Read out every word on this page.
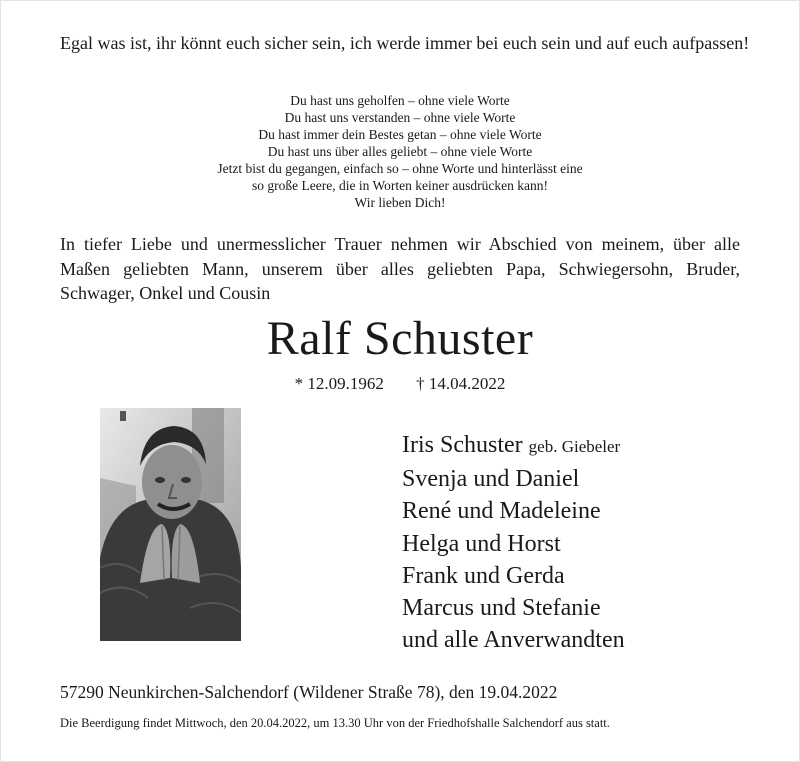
Egal was ist, ihr könnt euch sicher sein, ich werde immer bei euch sein und auf euch aufpassen!

Du hast uns geholfen – ohne viele Worte
Du hast uns verstanden – ohne viele Worte
Du hast immer dein Bestes getan – ohne viele Worte
Du hast uns über alles geliebt – ohne viele Worte
Jetzt bist du gegangen, einfach so – ohne Worte und hinterlässt eine
so große Leere, die in Worten keiner ausdrücken kann!
Wir lieben Dich!

In tiefer Liebe und unermesslicher Trauer nehmen wir Abschied von meinem, über alle Maßen geliebten Mann, unserem über alles geliebten Papa, Schwiegersohn, Bruder, Schwager, Onkel und Cousin

Ralf Schuster
* 12.09.1962 † 14.04.2022
Iris Schuster geb. Giebeler
Svenja und Daniel
René und Madeleine
Helga und Horst
Frank und Gerda
Marcus und Stefanie
und alle Anverwandten
57290 Neunkirchen-Salchendorf (Wildener Straße 78), den 19.04.2022
Die Beerdigung findet Mittwoch, den 20.04.2022, um 13.30 Uhr von der Friedhofshalle Salchendorf aus statt.
